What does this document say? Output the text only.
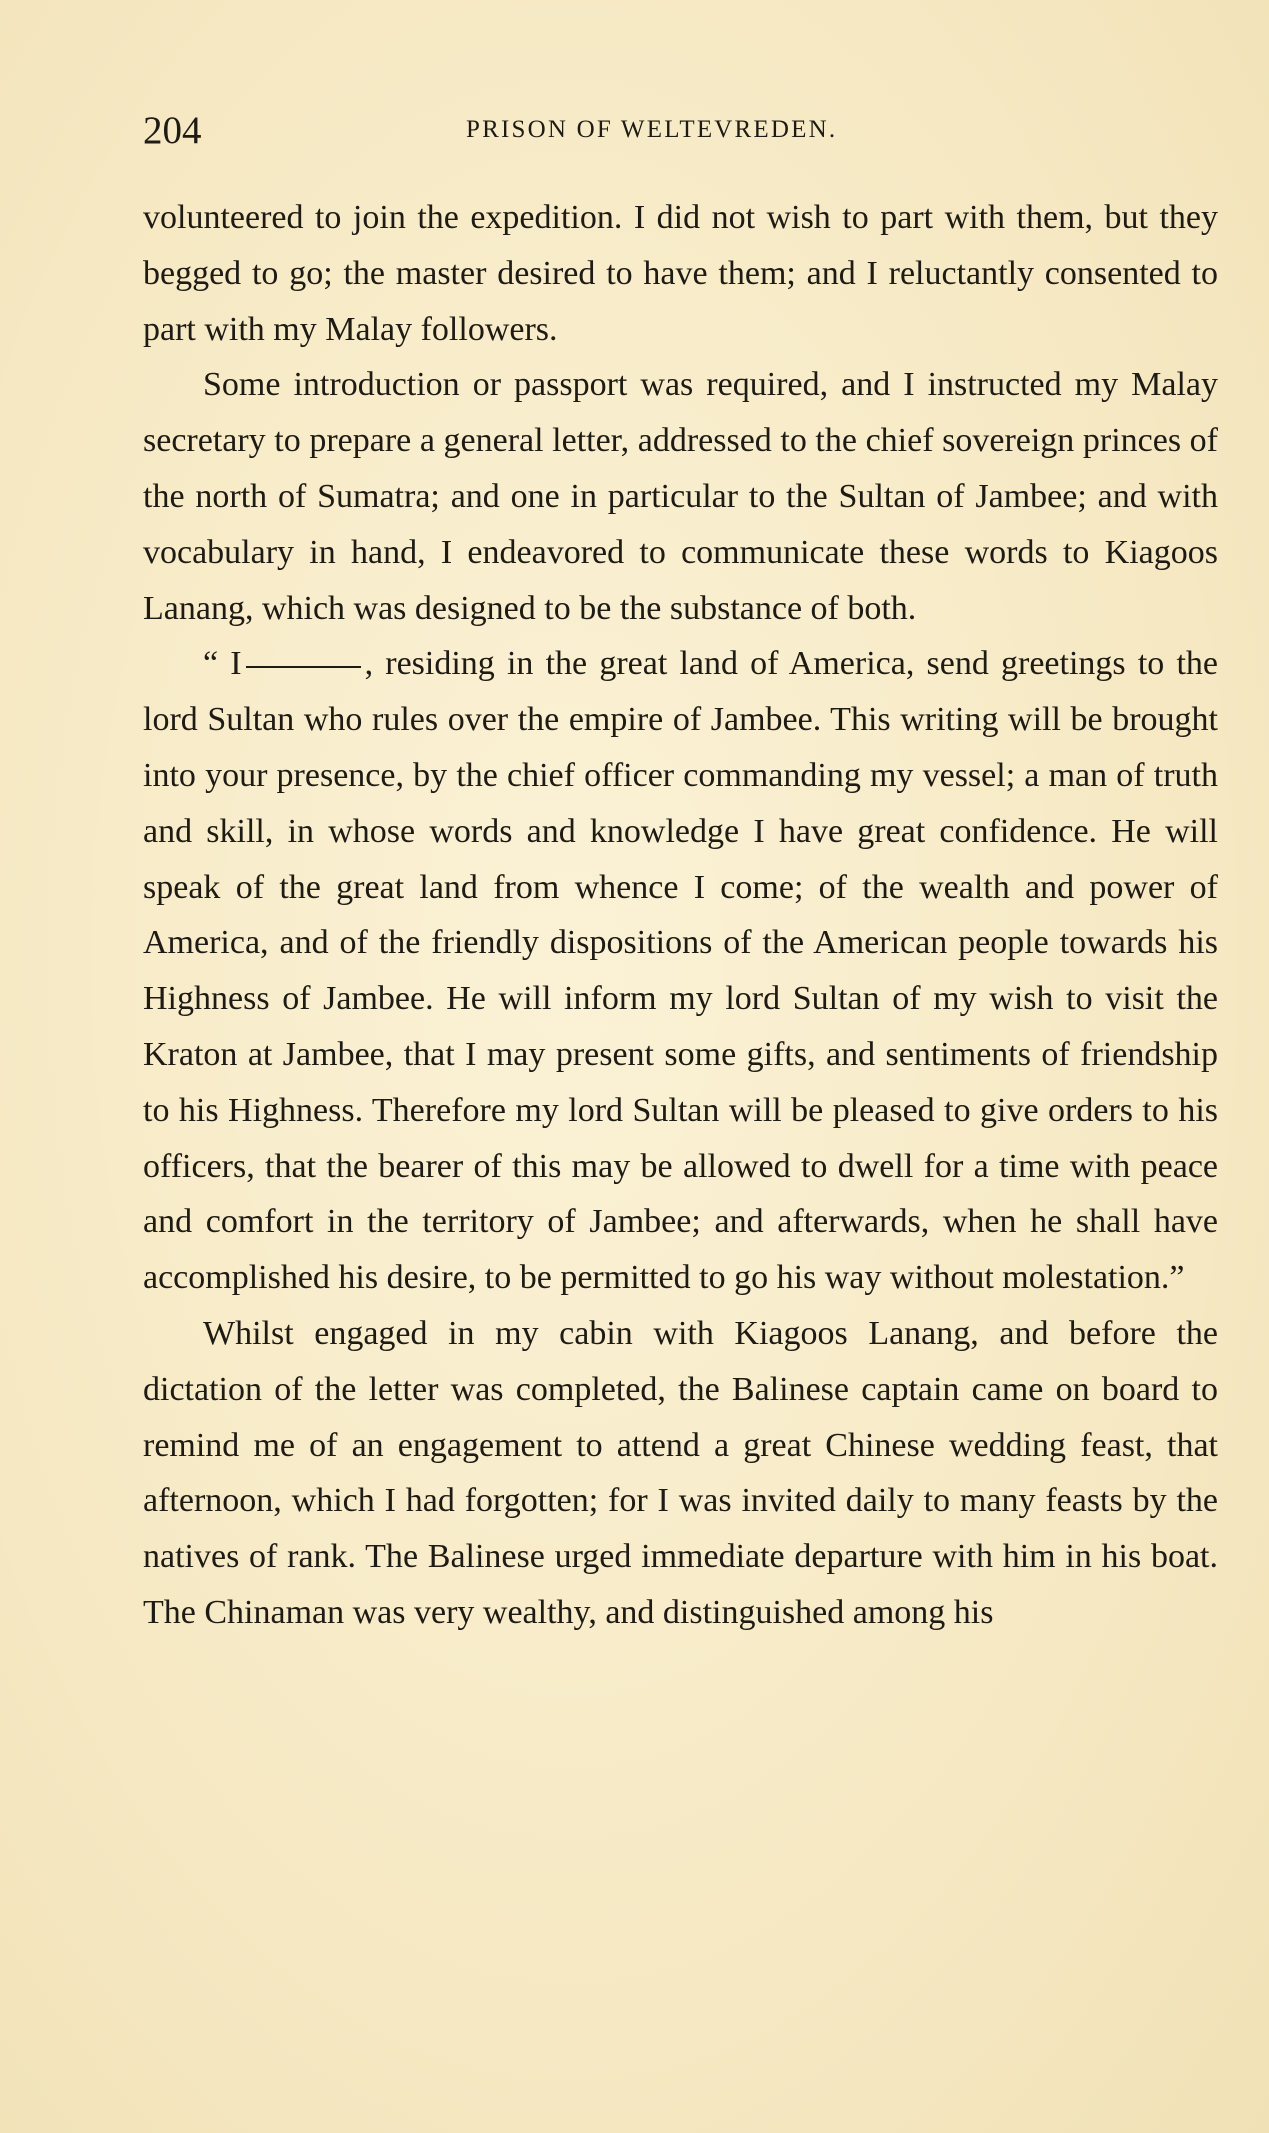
204	PRISON OF WELTEVREDEN.

volunteered to join the expedition. I did not wish to part with them, but they begged to go; the master desired to have them; and I reluctantly consented to part with my Malay followers.

Some introduction or passport was required, and I instructed my Malay secretary to prepare a general letter, addressed to the chief sovereign princes of the north of Sumatra; and one in particular to the Sultan of Jambee; and with vocabulary in hand, I endeavored to communicate these words to Kiagoos Lanang, which was designed to be the substance of both.

“ I	, residing in the great land of America, send greetings to the lord Sultan who rules over the empire of Jambee. This writing will be brought into your presence, by the chief officer commanding my vessel; a man of truth and skill, in whose words and knowledge I have great confidence. He will speak of the great land from whence I come; of the wealth and power of America, and of the friendly dispositions of the American people towards his Highness of Jambee. He will inform my lord Sultan of my wish to visit the Kraton at Jambee, that I may present some gifts, and sentiments of friendship to his Highness. Therefore my lord Sultan will be pleased to give orders to his officers, that the bearer of this may be allowed to dwell for a time with peace and comfort in the territory of Jambee; and afterwards, when he shall have accomplished his desire, to be permitted to go his way without molestation.”

Whilst engaged in my cabin with Kiagoos Lanang, and before the dictation of the letter was completed, the Balinese captain came on board to remind me of an engagement to attend a great Chinese wedding feast, that afternoon, which I had forgotten; for I was invited daily to many feasts by the natives of rank. The Balinese urged immediate departure with him in his boat. The Chinaman was very wealthy, and distinguished among his
